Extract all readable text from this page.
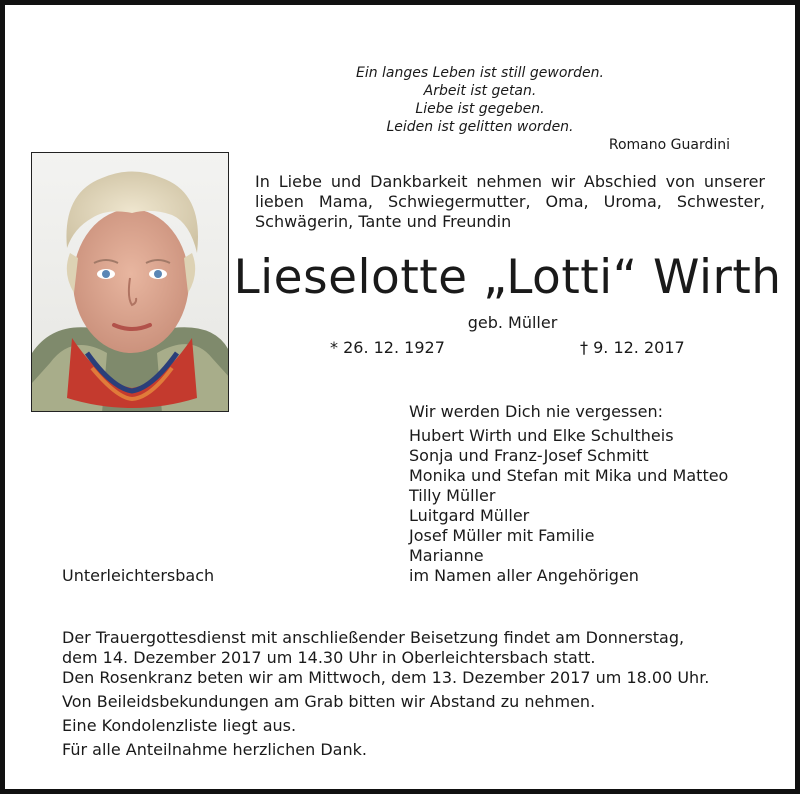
Ein langes Leben ist still geworden.
Arbeit ist getan.
Liebe ist gegeben.
Leiden ist gelitten worden.
Romano Guardini
In Liebe und Dankbarkeit nehmen wir Abschied von unserer lieben Mama, Schwiegermutter, Oma, Uroma, Schwester, Schwägerin, Tante und Freundin
Lieselotte „Lotti“ Wirth
geb. Müller
* 26. 12. 1927	† 9. 12. 2017
Wir werden Dich nie vergessen:
Hubert Wirth und Elke Schultheis
Sonja und Franz-Josef Schmitt
Monika und Stefan mit Mika und Matteo
Tilly Müller
Luitgard Müller
Josef Müller mit Familie
Marianne
im Namen aller Angehörigen
Unterleichtersbach
Der Trauergottesdienst mit anschließender Beisetzung findet am Donnerstag,
dem 14. Dezember 2017 um 14.30 Uhr in Oberleichtersbach statt.
Den Rosenkranz beten wir am Mittwoch, dem 13. Dezember 2017 um 18.00 Uhr.
Von Beileidsbekundungen am Grab bitten wir Abstand zu nehmen.
Eine Kondolenzliste liegt aus.
Für alle Anteilnahme herzlichen Dank.
